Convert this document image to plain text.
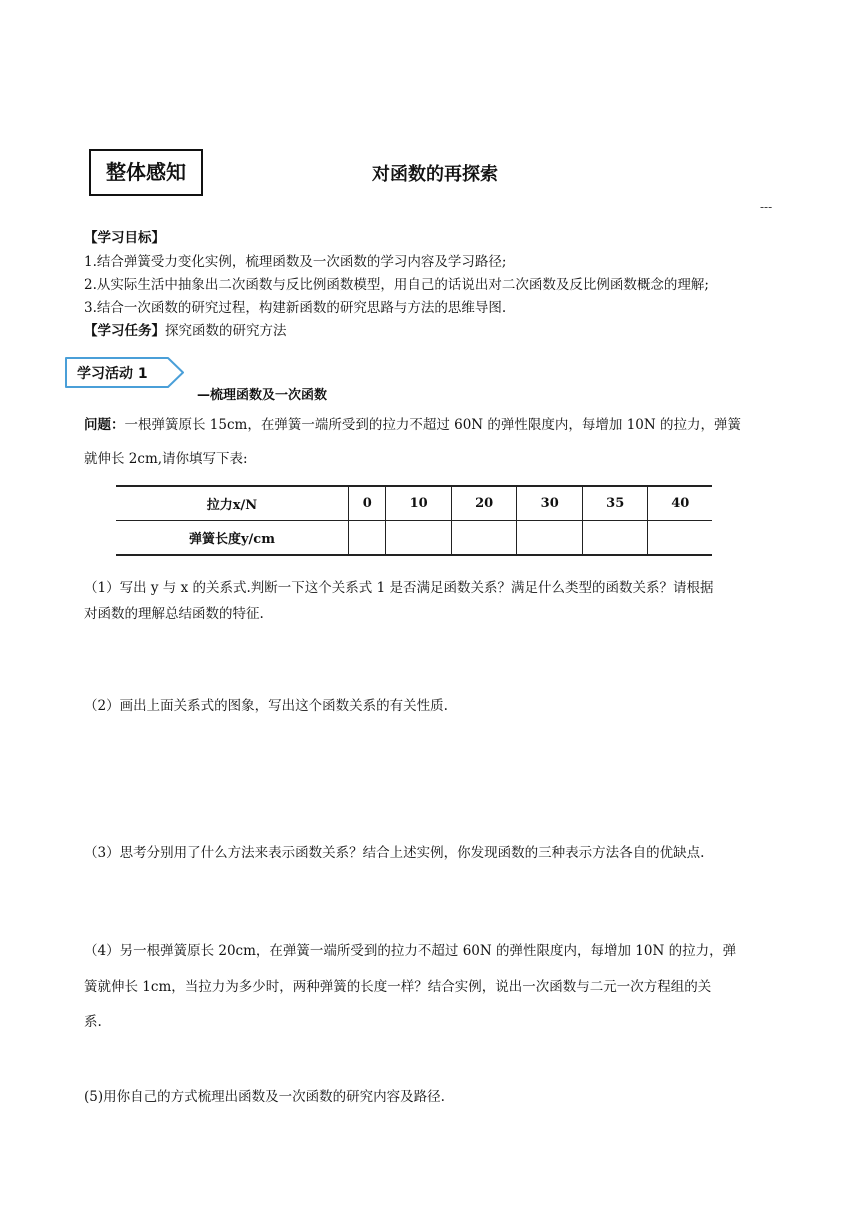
整体感知	对函数的再探索
---
【学习目标】
1.结合弹簧受力变化实例，梳理函数及一次函数的学习内容及学习路径;
2.从实际生活中抽象出二次函数与反比例函数模型，用自己的话说出对二次函数及反比例函数概念的理解;
3.结合一次函数的研究过程，构建新函数的研究思路与方法的思维导图.
【学习任务】探究函数的研究方法
学习活动 1
—梳理函数及一次函数
问题：一根弹簧原长 15cm，在弹簧一端所受到的拉力不超过 60N 的弹性限度内，每增加 10N 的拉力，弹簧
就伸长 2cm,请你填写下表:
拉力x/N	0	10	20	30	35	40
弹簧长度y/cm						
（1）写出 y 与 x 的关系式.判断一下这个关系式 1 是否满足函数关系？满足什么类型的函数关系？请根据
对函数的理解总结函数的特征.
（2）画出上面关系式的图象，写出这个函数关系的有关性质.
（3）思考分别用了什么方法来表示函数关系？结合上述实例，你发现函数的三种表示方法各自的优缺点.
（4）另一根弹簧原长 20cm，在弹簧一端所受到的拉力不超过 60N 的弹性限度内，每增加 10N 的拉力，弹
簧就伸长 1cm，当拉力为多少时，两种弹簧的长度一样？结合实例，说出一次函数与二元一次方程组的关
系.
(5)用你自己的方式梳理出函数及一次函数的研究内容及路径.
